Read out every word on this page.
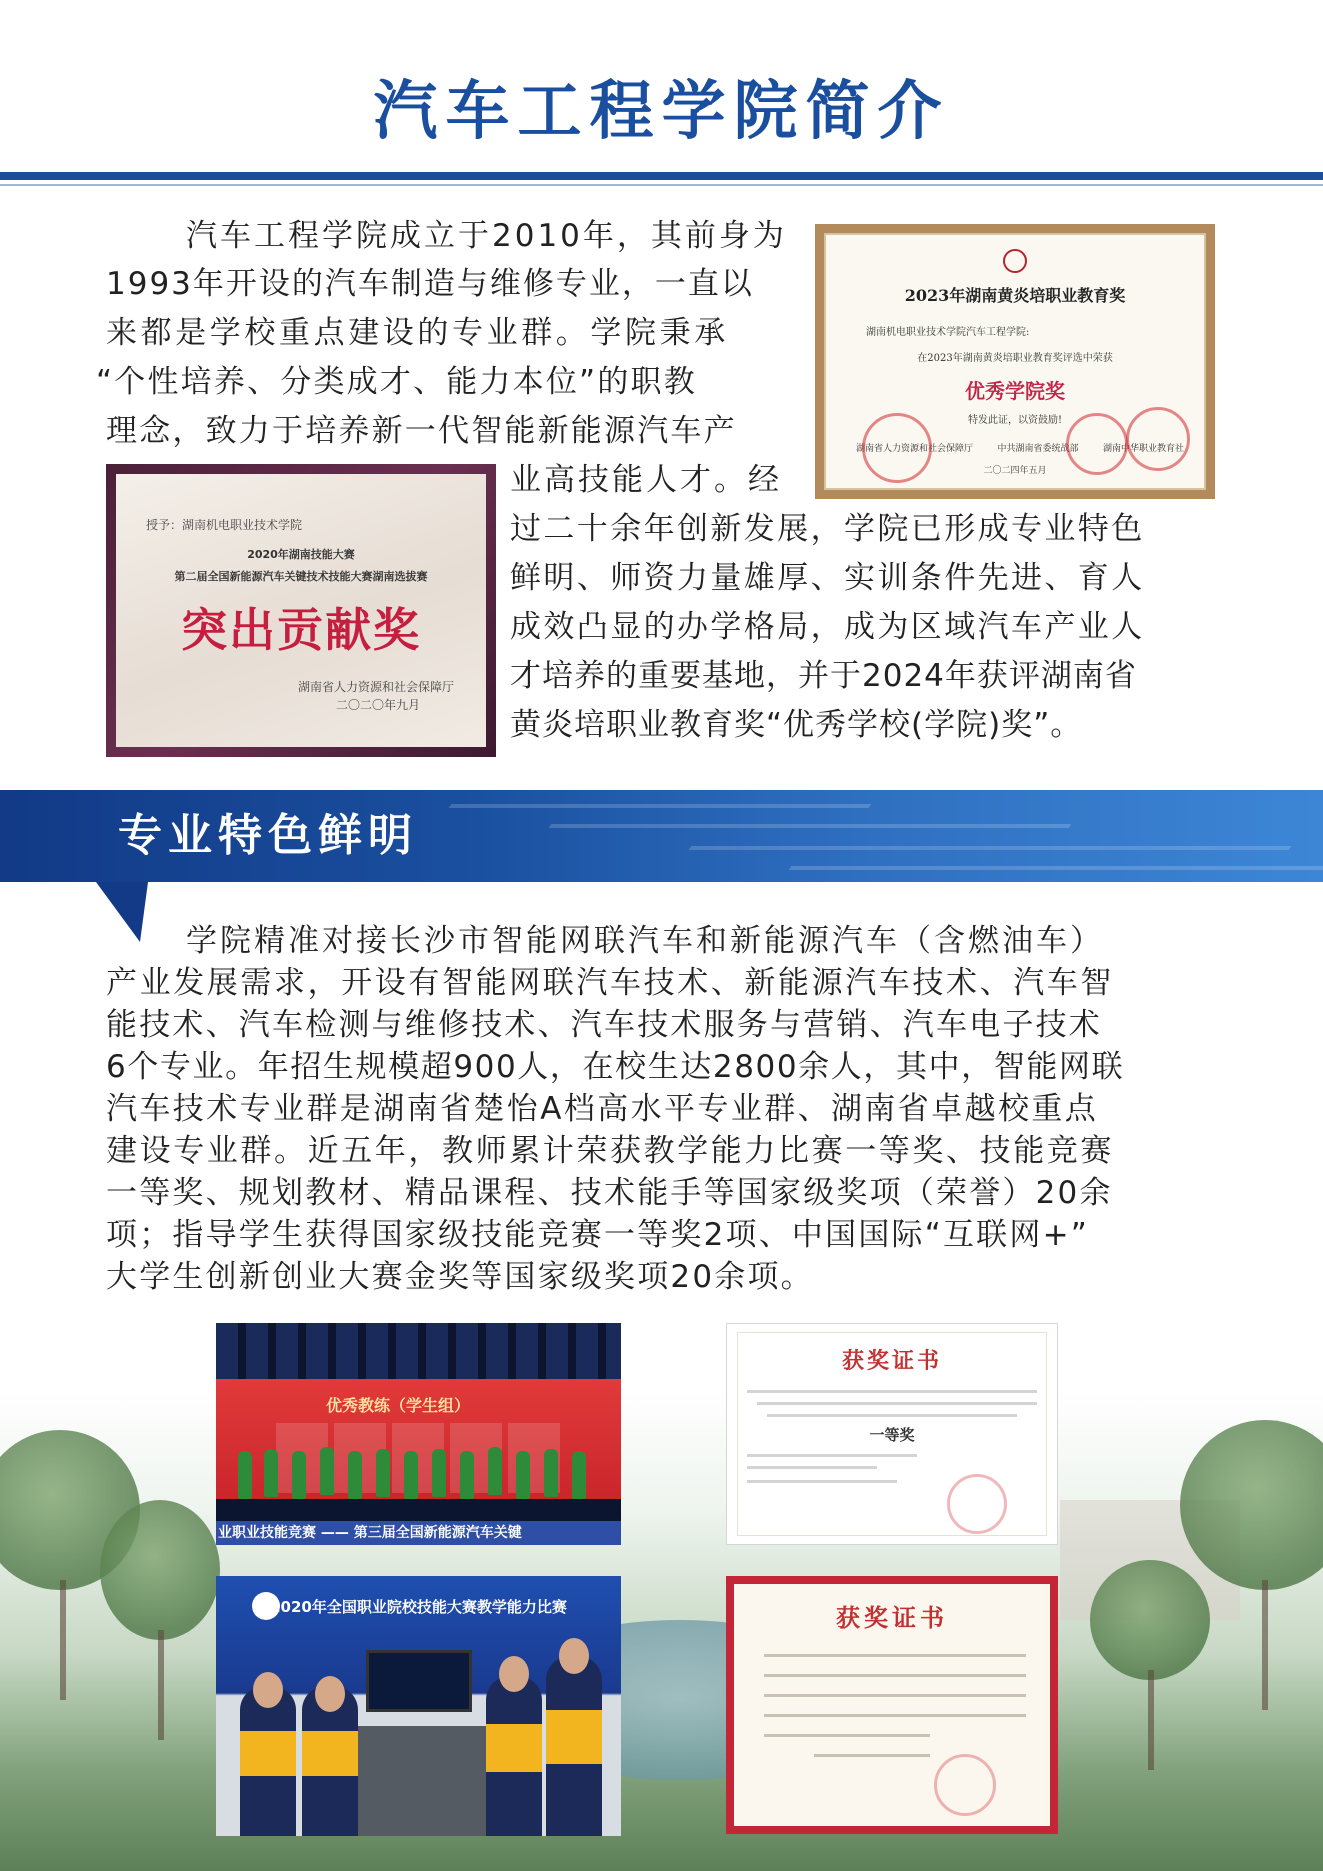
汽车工程学院简介
汽车工程学院成立于2010年，其前身为
1993年开设的汽车制造与维修专业，一直以
来都是学校重点建设的专业群。学院秉承
“个性培养、分类成才、能力本位”的职教
理念，致力于培养新一代智能新能源汽车产
业高技能人才。经
过二十余年创新发展，学院已形成专业特色
鲜明、师资力量雄厚、实训条件先进、育人
成效凸显的办学格局，成为区域汽车产业人
才培养的重要基地，并于2024年获评湖南省
黄炎培职业教育奖“优秀学校(学院)奖”。
2023年湖南黄炎培职业教育奖
湖南机电职业技术学院汽车工程学院:
在2023年湖南黄炎培职业教育奖评选中荣获
优秀学院奖
特发此证，以资鼓励!
湖南省人力资源和社会保障厅	中共湖南省委统战部	湖南中华职业教育社
二〇二四年五月
授予：湖南机电职业技术学院
2020年湖南技能大赛
第二届全国新能源汽车关键技术技能大赛湖南选拔赛
突出贡献奖
湖南省人力资源和社会保障厅
二〇二〇年九月
专业特色鲜明
学院精准对接长沙市智能网联汽车和新能源汽车（含燃油车）
产业发展需求，开设有智能网联汽车技术、新能源汽车技术、汽车智
能技术、汽车检测与维修技术、汽车技术服务与营销、汽车电子技术
6个专业。年招生规模超900人，在校生达2800余人，其中，智能网联
汽车技术专业群是湖南省楚怡A档高水平专业群、湖南省卓越校重点
建设专业群。近五年，教师累计荣获教学能力比赛一等奖、技能竞赛
一等奖、规划教材、精品课程、技术能手等国家级奖项（荣誉）20余
项；指导学生获得国家级技能竞赛一等奖2项、中国国际“互联网+”
大学生创新创业大赛金奖等国家级奖项20余项。
优秀教练（学生组）
业职业技能竞赛 —— 第三届全国新能源汽车关键
获奖证书
一等奖
2020年全国职业院校技能大赛教学能力比赛	获奖证书
